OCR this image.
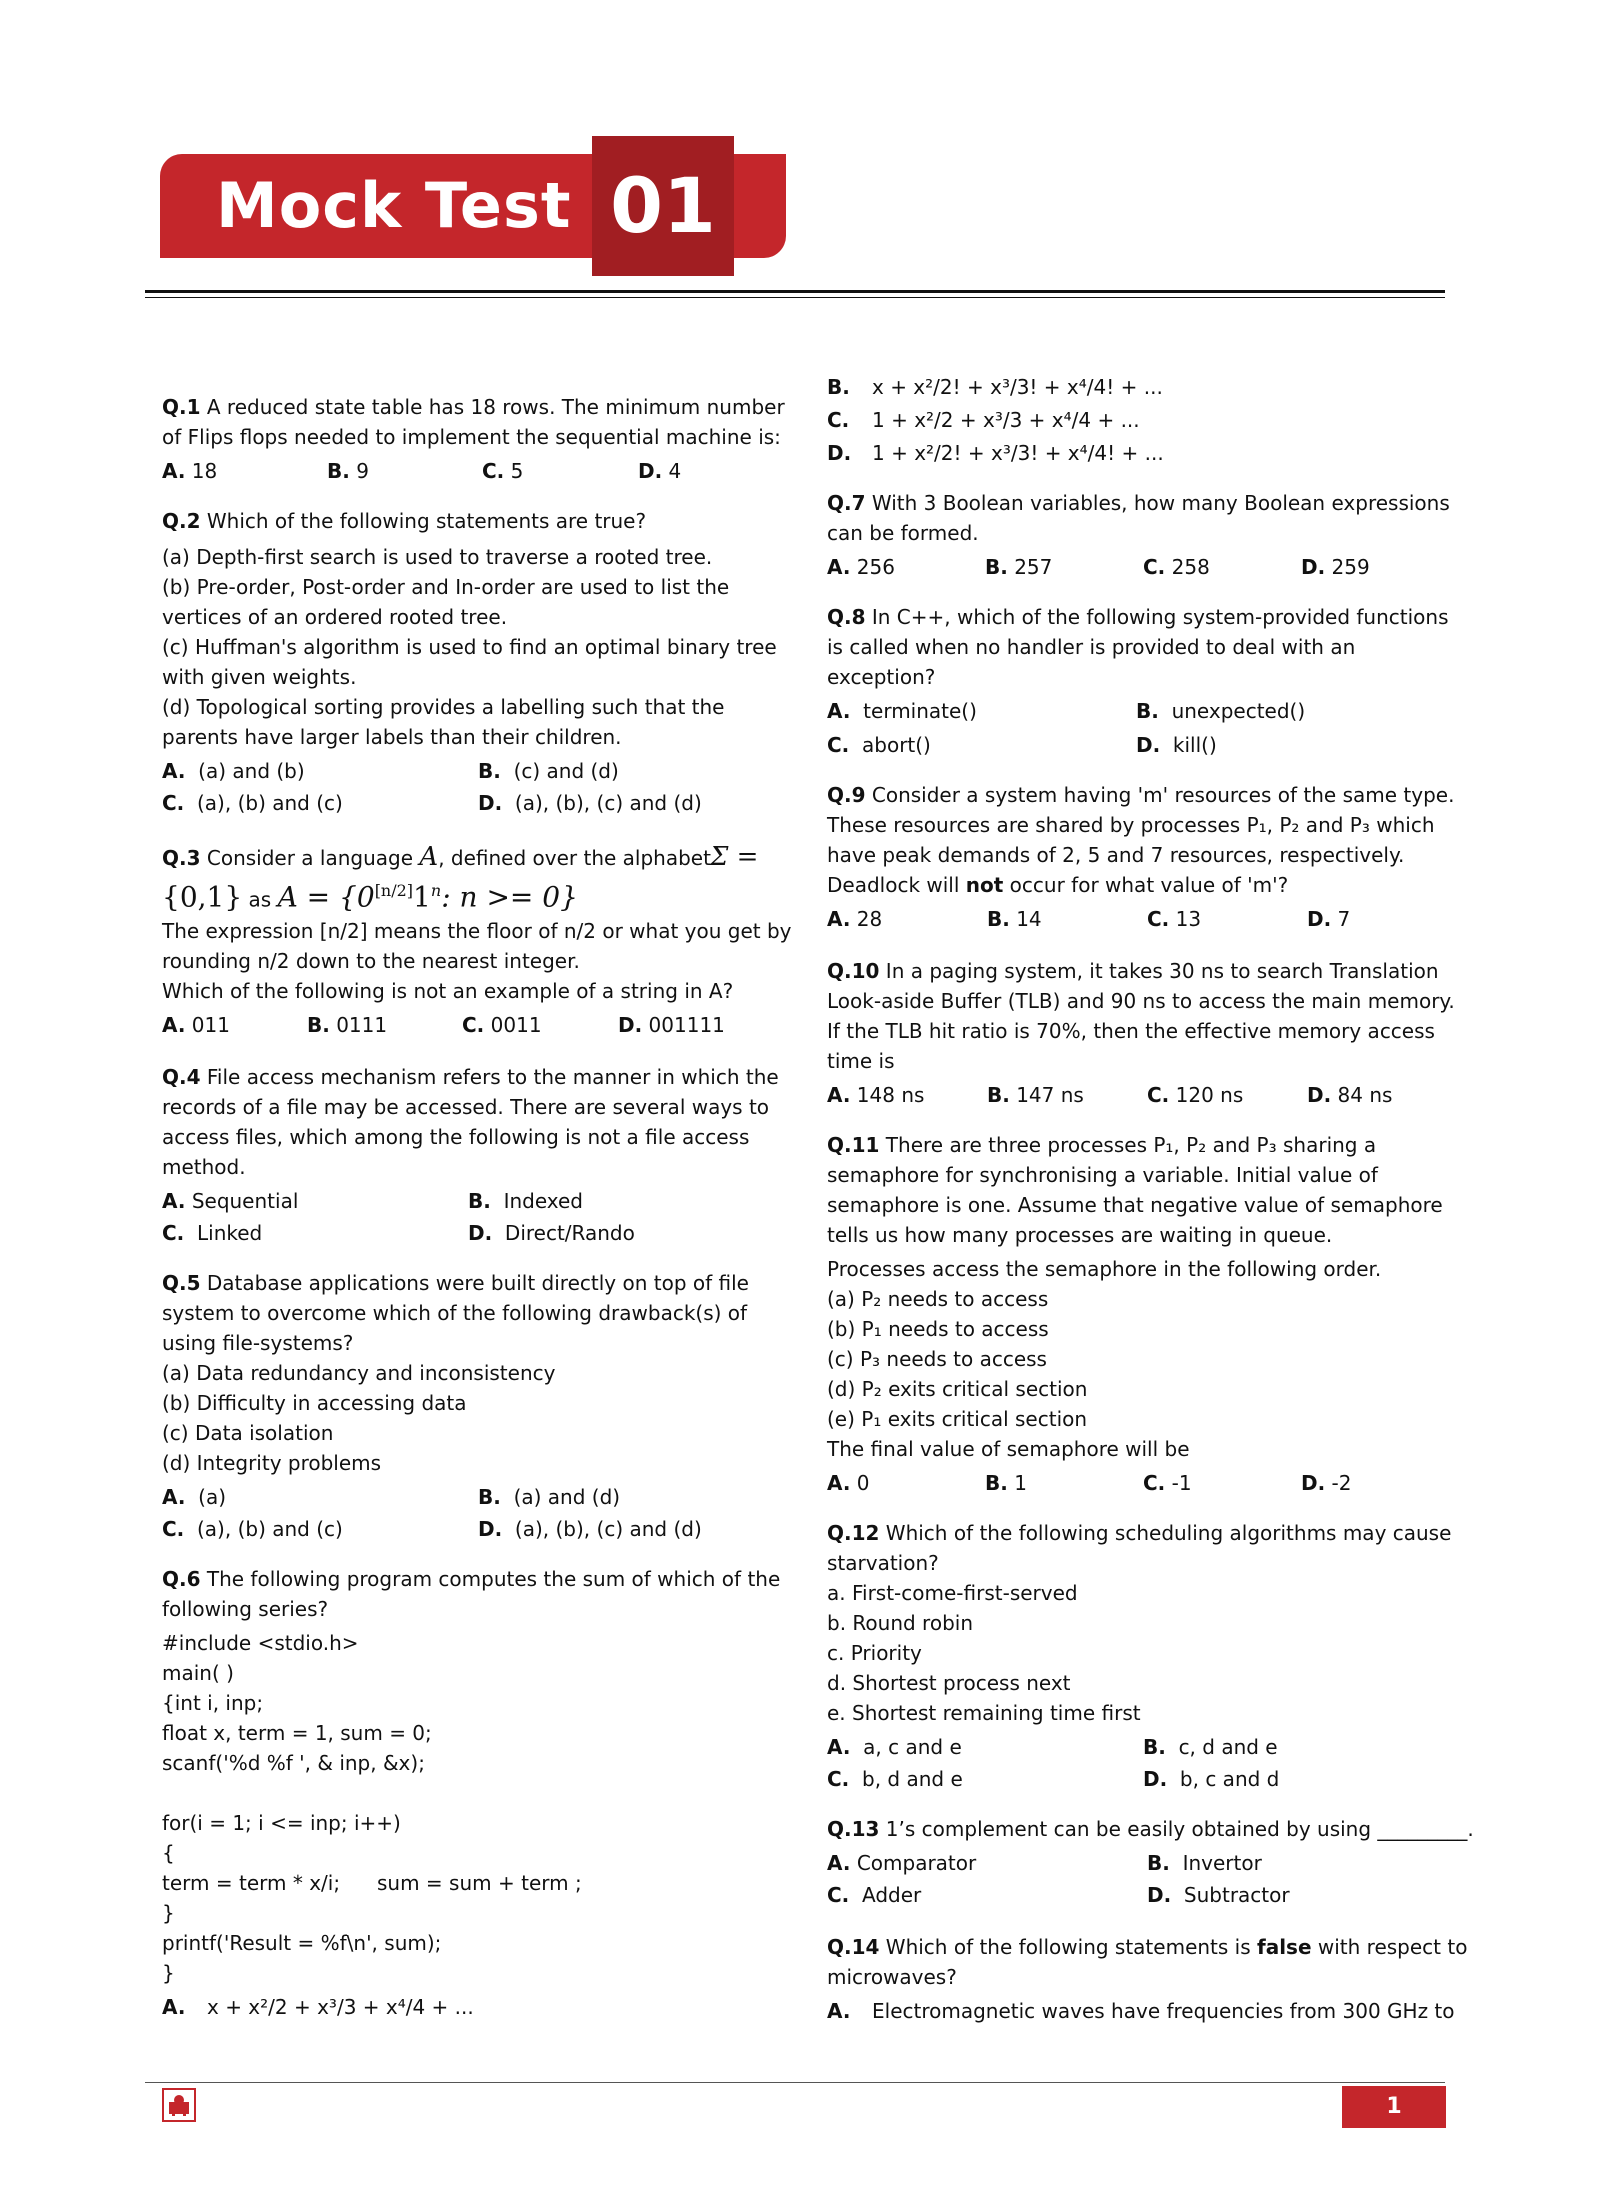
Mock Test 01
Q.1 A reduced state table has 18 rows. The minimum number
of Flips flops needed to implement the sequential machine is:
A. 18	B. 9	C. 5	D. 4
Q.2 Which of the following statements are true?
(a) Depth-first search is used to traverse a rooted tree.
(b) Pre-order, Post-order and In-order are used to list the
vertices of an ordered rooted tree.
(c) Huffman's algorithm is used to find an optimal binary tree
with given weights.
(d) Topological sorting provides a labelling such that the
parents have larger labels than their children.
A. (a) and (b)	B. (c) and (d)
C. (a), (b) and (c)	D. (a), (b), (c) and (d)
Q.3 Consider a language A, defined over the alphabet Σ =
{0,1} as $A = \{0[n/2]1^n$: n >= 0}
The expression [n/2] means the floor of n/2 or what you get by
rounding n/2 down to the nearest integer.
Which of the following is not an example of a string in A?
A. 011	B. 0111	C. 0011	D. 001111
Q.4 File access mechanism refers to the manner in which the
records of a file may be accessed. There are several ways to
access files, which among the following is not a file access
method.
A. Sequential	B. Indexed
C. Linked	D. Direct/Rando
Q.5 Database applications were built directly on top of file
system to overcome which of the following drawback(s) of
using file-systems?
(a) Data redundancy and inconsistency
(b) Difficulty in accessing data
(c) Data isolation
(d) Integrity problems
A. (a)	B. (a) and (d)
C. (a), (b) and (c)	D. (a), (b), (c) and (d)
Q.6 The following program computes the sum of which of the
following series?
#include <stdio.h>
main( )
{int i, inp;
float x, term = 1, sum = 0;
scanf('%d %f ', & inp, &x);
for(i = 1; i <= inp; i++)
{
term = term * x/i; sum = sum + term ;
}
printf('Result = %f\n', sum);
}
A. x + x²/2 + x³/3 + x⁴/4 + ...
B. x + x²/2! + x³/3! + x⁴/4! + ...
C. 1 + x²/2 + x³/3 + x⁴/4 + ...
D. 1 + x²/2! + x³/3! + x⁴/4! + ...
Q.7 With 3 Boolean variables, how many Boolean expressions
can be formed.
A. 256	B. 257	C. 258	D. 259
Q.8 In C++, which of the following system-provided functions
is called when no handler is provided to deal with an
exception?
A. terminate()	B. unexpected()
C. abort()	D. kill()
Q.9 Consider a system having 'm' resources of the same type.
These resources are shared by processes P₁, P₂ and P₃ which
have peak demands of 2, 5 and 7 resources, respectively.
Deadlock will not occur for what value of 'm'?
A. 28	B. 14	C. 13	D. 7
Q.10 In a paging system, it takes 30 ns to search Translation
Look-aside Buffer (TLB) and 90 ns to access the main memory.
If the TLB hit ratio is 70%, then the effective memory access
time is
A. 148 ns	B. 147 ns	C. 120 ns	D. 84 ns
Q.11 There are three processes P₁, P₂ and P₃ sharing a
semaphore for synchronising a variable. Initial value of
semaphore is one. Assume that negative value of semaphore
tells us how many processes are waiting in queue.
Processes access the semaphore in the following order.
(a) P₂ needs to access
(b) P₁ needs to access
(c) P₃ needs to access
(d) P₂ exits critical section
(e) P₁ exits critical section
The final value of semaphore will be
A. 0	B. 1	C. -1	D. -2
Q.12 Which of the following scheduling algorithms may cause
starvation?
a. First-come-first-served
b. Round robin
c. Priority
d. Shortest process next
e. Shortest remaining time first
A. a, c and e	B. c, d and e
C. b, d and e	D. b, c and d
Q.13 1’s complement can be easily obtained by using _________.
A. Comparator	B. Invertor
C. Adder	D. Subtractor
Q.14 Which of the following statements is false with respect to
microwaves?
A. Electromagnetic waves have frequencies from 300 GHz to
1
